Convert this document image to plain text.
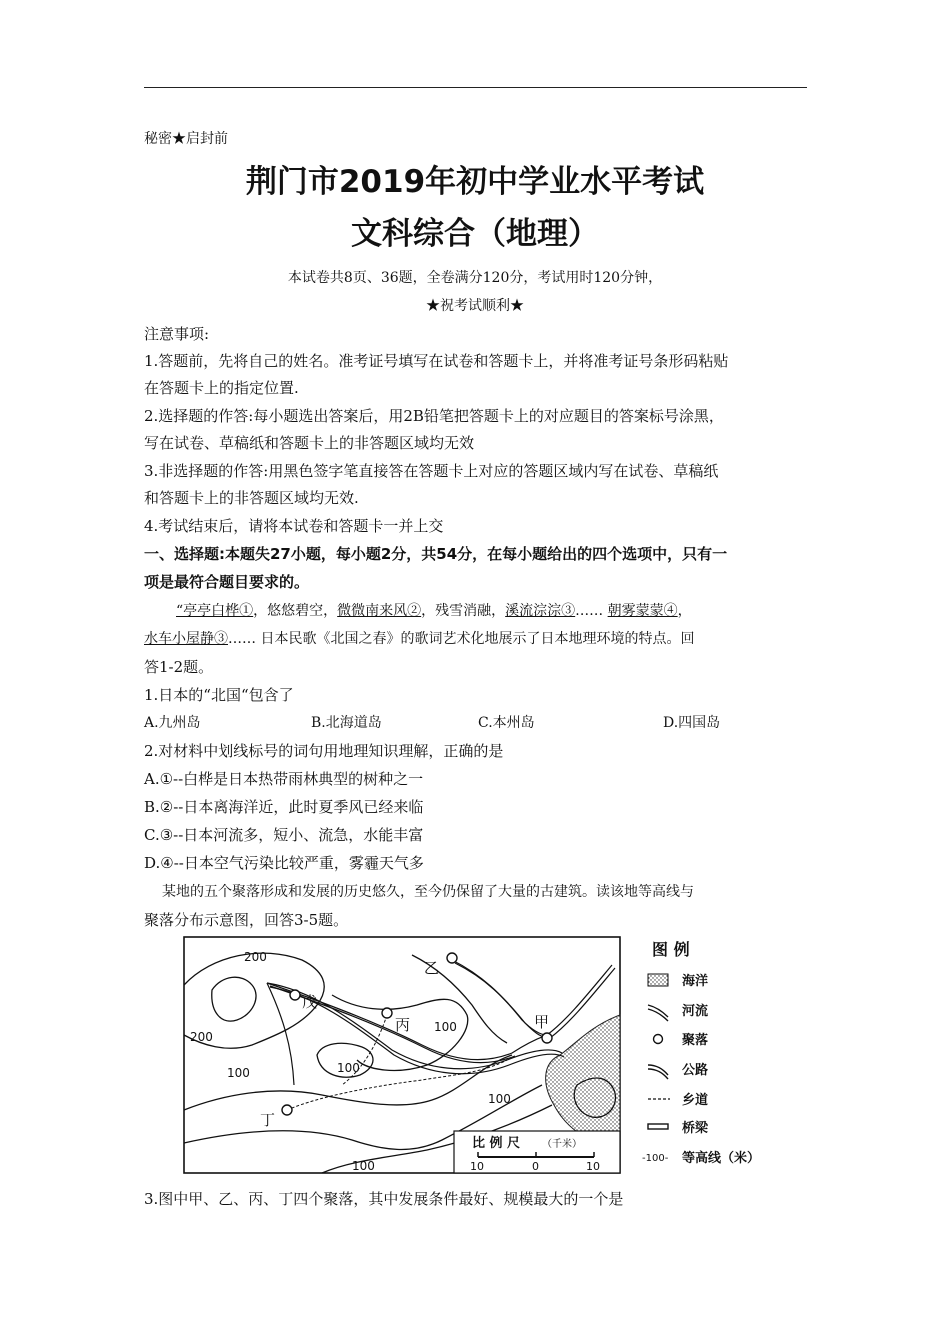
秘密★启封前
荆门市2019年初中学业水平考试
文科综合（地理）
本试卷共8页、36题，全卷满分120分，考试用时120分钟，
★祝考试顺利★
注意事项:
1.答题前，先将自己的姓名。准考证号填写在试卷和答题卡上，并将准考证号条形码粘贴
在答题卡上的指定位置.
2.选择题的作答:每小题选出答案后，用2B铅笔把答题卡上的对应题目的答案标号涂黑，
写在试卷、草稿纸和答题卡上的非答题区域均无效
3.非选择题的作答:用黑色签字笔直接答在答题卡上对应的答题区域内写在试卷、草稿纸
和答题卡上的非答题区域均无效.
4.考试结束后，请将本试卷和答题卡一并上交
一、选择题:本题失27小题，每小题2分，共54分，在每小题给出的四个选项中，只有一
项是最符合题目要求的。
“亭亭白桦①，悠悠碧空，微微南来风②，残雪消融，溪流淙淙③…… 朝雾蒙蒙④，
水车小屋静③…… 日本民歌《北国之春》的歌词艺术化地展示了日本地理环境的特点。回
答1-2题。
1.日本的“北国“包含了
A.九州岛	B.北海道岛	C.本州岛	D.四国岛
2.对材料中划线标号的词句用地理知识理解，正确的是
A.①--白桦是日本热带雨林典型的树种之一
B.②--日本离海洋近，此时夏季风已经来临
C.③--日本河流多，短小、流急，水能丰富
D.④--日本空气污染比较严重，雾霾天气多
某地的五个聚落形成和发展的历史悠久，至今仍保留了大量的古建筑。读该地等高线与
聚落分布示意图，回答3-5题。
200
200
100	100
100
100
100
乙
戊
丙	甲
丁
比 例 尺 （千米）
10	0	10
图 例
海洋
河流
聚落
公路
乡道
桥梁
-100- 等高线（米）
3.图中甲、乙、丙、丁四个聚落，其中发展条件最好、规模最大的一个是
